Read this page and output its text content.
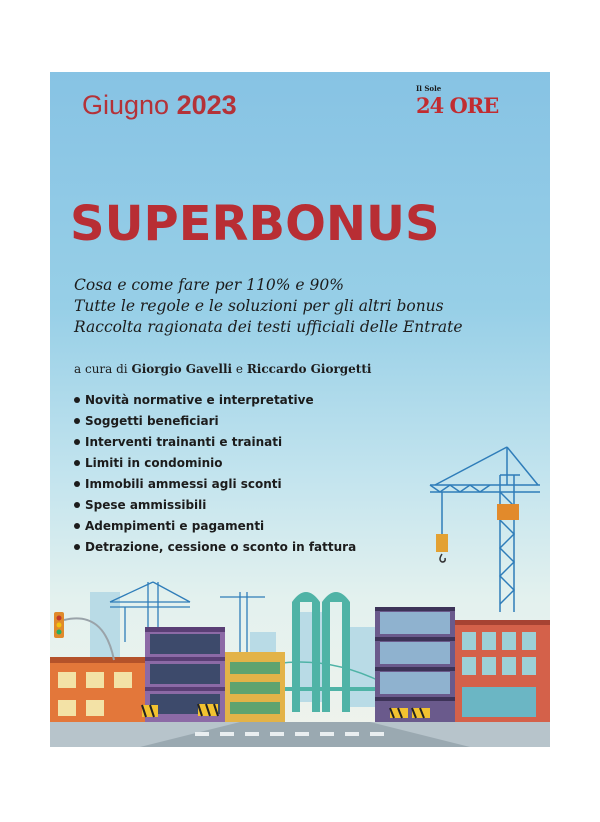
Giugno 2023
Il Sole
24 ORE
SUPERBONUS
Cosa e come fare per 110% e 90%
Tutte le regole e le soluzioni per gli altri bonus
Raccolta ragionata dei testi ufficiali delle Entrate
a cura di Giorgio Gavelli e Riccardo Giorgetti
Novità normative e interpretative
Soggetti beneficiari
Interventi trainanti e trainati
Limiti in condominio
Immobili ammessi agli sconti
Spese ammissibili
Adempimenti e pagamenti
Detrazione, cessione o sconto in fattura
